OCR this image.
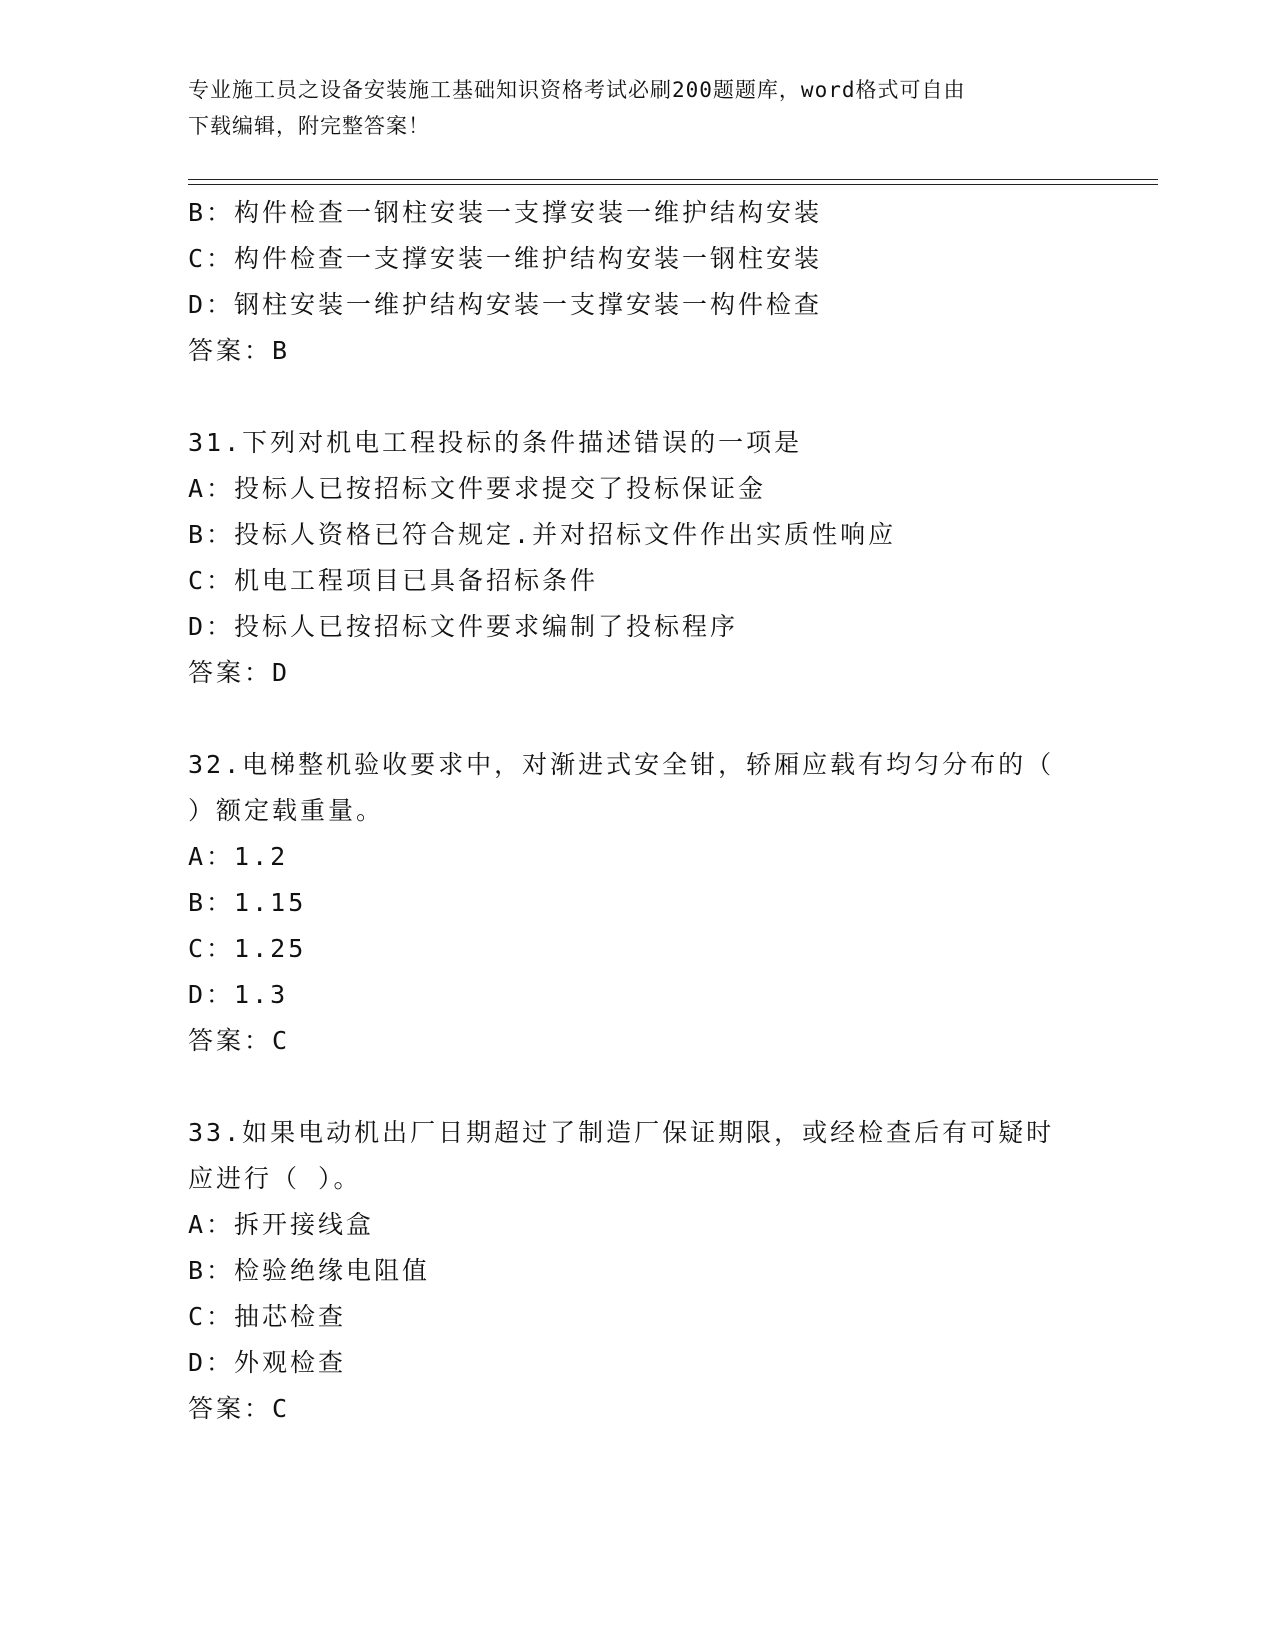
专业施工员之设备安装施工基础知识资格考试必刷200题题库，word格式可自由
下载编辑，附完整答案！
B：构件检查一钢柱安装一支撑安装一维护结构安装
C：构件检查一支撑安装一维护结构安装一钢柱安装
D：钢柱安装一维护结构安装一支撑安装一构件检查
答案：B
31.下列对机电工程投标的条件描述错误的一项是
A：投标人已按招标文件要求提交了投标保证金
B：投标人资格已符合规定.并对招标文件作出实质性响应
C：机电工程项目已具备招标条件
D：投标人已按招标文件要求编制了投标程序
答案：D
32.电梯整机验收要求中，对渐进式安全钳，轿厢应载有均匀分布的（
）额定载重量。
A：1.2
B：1.15
C：1.25
D：1.3
答案：C
33.如果电动机出厂日期超过了制造厂保证期限，或经检查后有可疑时
应进行（ ）。
A：拆开接线盒
B：检验绝缘电阻值
C：抽芯检查
D：外观检查
答案：C
